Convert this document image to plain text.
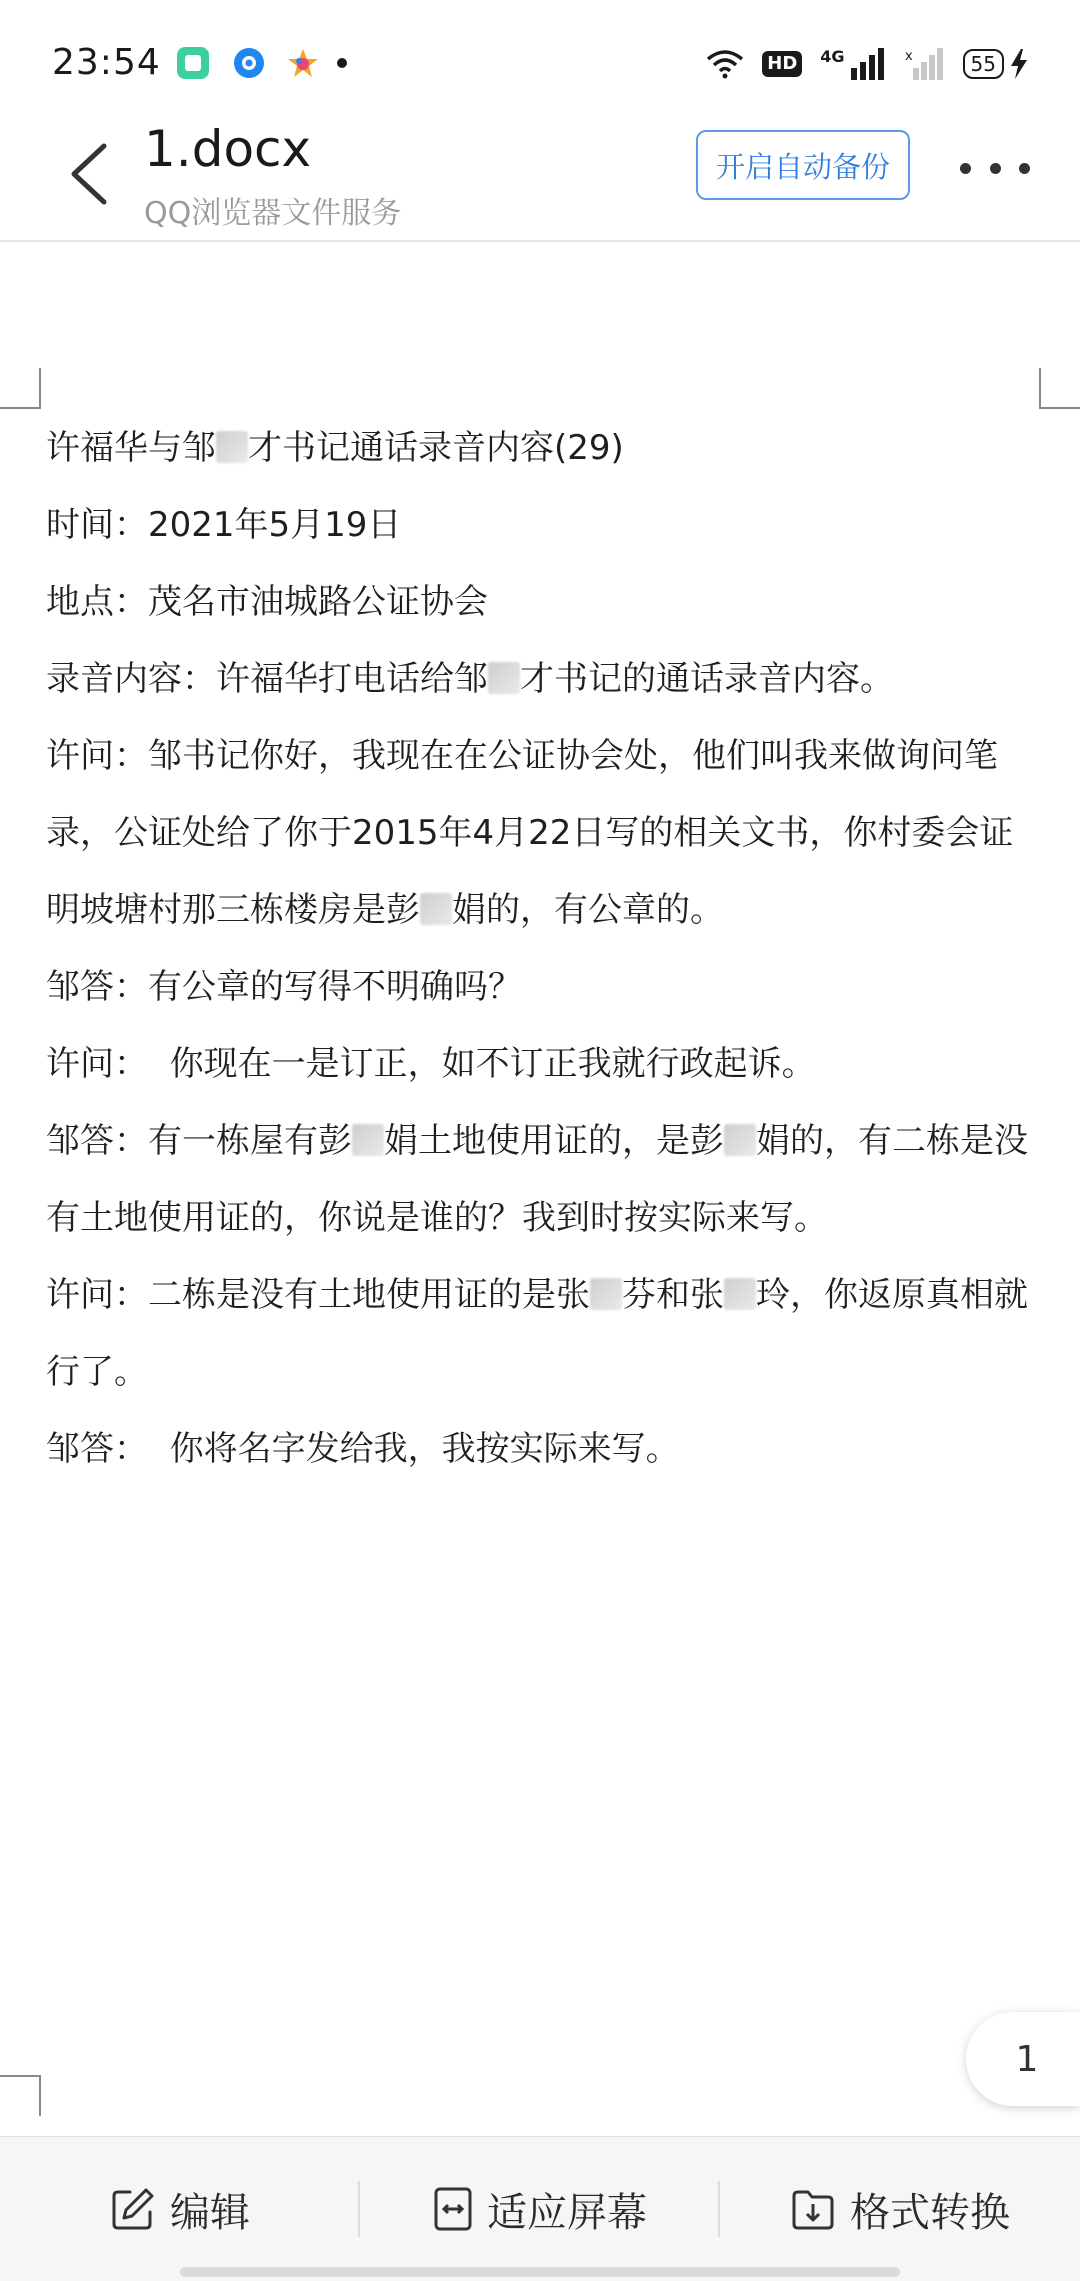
23:54	HD	4G	x	55
1.docx
QQ浏览器文件服务
开启自动备份

许福华与邹 才书记通话录音内容(29)

时间：2021年5月19日

地点：茂名市油城路公证协会

录音内容：许福华打电话给邹 才书记的通话录音内容。

许问：邹书记你好，我现在在公证协会处，他们叫我来做询问笔录，公证处给了你于2015年4月22日写的相关文书，你村委会证明坡塘村那三栋楼房是彭 娟的，有公章的。

邹答：有公章的写得不明确吗？

许问：  你现在一是订正，如不订正我就行政起诉。

邹答：有一栋屋有彭 娟土地使用证的，是彭 娟的，有二栋是没有土地使用证的，你说是谁的？我到时按实际来写。

许问：二栋是没有土地使用证的是张 芬和张 玲，你返原真相就行了。

邹答：  你将名字发给我，我按实际来写。

1
编辑	适应屏幕	格式转换
